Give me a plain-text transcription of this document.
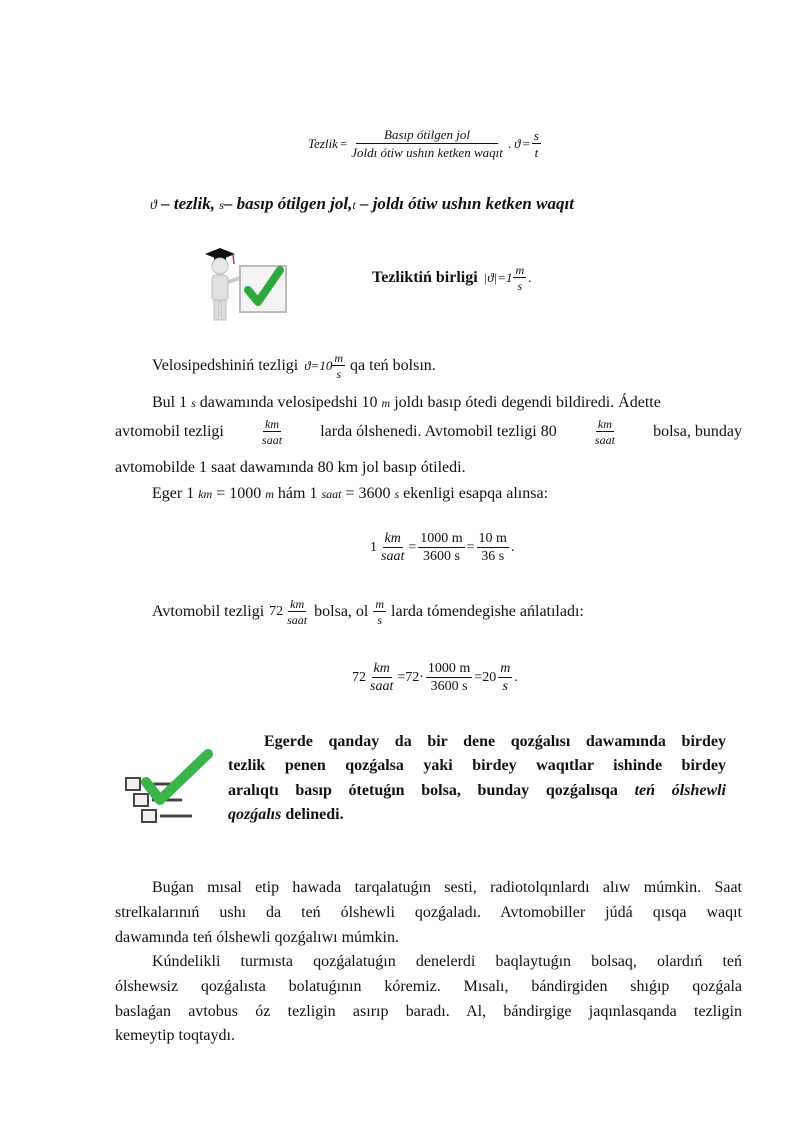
Tezlik = $\frac{\text{Basıp ótilgen jol}}{\text{Joldı ótiw ushın ketken waqıt}}$ . $ϑ = \frac{s}{t}$
ϑ – tezlik, s– basıp ótilgen jol,t – joldı ótiw ushın ketken waqıt
Tezliktiń birligi $|ϑ|=1 \frac{m}{s}$ .
Velosipedshiniń tezligi $ϑ=10 \frac{m}{s}$ qa teń bolsın.
Bul 1 s dawamında velosipedshi 10 m joldı basıp ótedi degendi bildiredi. Ádette
avtomobil tezligi	$\frac{km}{\text{saat}}$ larda ólshenedi. Avtomobil tezligi 80	$\frac{km}{\text{saat}}$ bolsa, bunday
avtomobilde 1 saat dawamında 80 km jol basıp ótiledi.
Eger 1 km = 1000 m hám 1 saat = 3600 s ekenligi esapqa alınsa:
$1 \frac{km}{\text{saat}} = \frac{1000 m}{3600 s} = \frac{10 m}{36 s}$ .
Avtomobil tezligi $72 \frac{km}{\text{saat}}$ bolsa, ol $\frac{m}{s}$ larda tómendegishe ańlatıladı:
$72 \frac{km}{\text{saat}} =72\cdot \frac{1000 m}{3600 s} =20 \frac{m}{s}$ .
Egerde qanday da bir dene qozǵalısı dawamında birdey
tezlik penen qozǵalsa yaki birdey waqıtlar ishinde birdey
aralıqtı basıp ótetuǵın bolsa, bunday qozǵalısqa teń ólshewli
qozǵalıs delinedi.
Buǵan mısal etip hawada tarqalatuǵın sesti, radiotolqınlardı alıw múmkin. Saat
strelkalarınıń ushı da teń ólshewli qozǵaladı. Avtomobiller júdá qısqa waqıt
dawamında teń ólshewli qozǵalıwı múmkin.
Kúndelikli turmısta qozǵalatuǵın denelerdi baqlaytuǵın bolsaq, olardıń teń
ólshewsiz qozǵalısta bolatuǵının kóremiz. Mısalı, bándirgiden shıǵıp qozǵala
baslaǵan avtobus óz tezligin asırıp baradı. Al, bándirgige jaqınlasqanda tezligin
kemeytip toqtaydı.
